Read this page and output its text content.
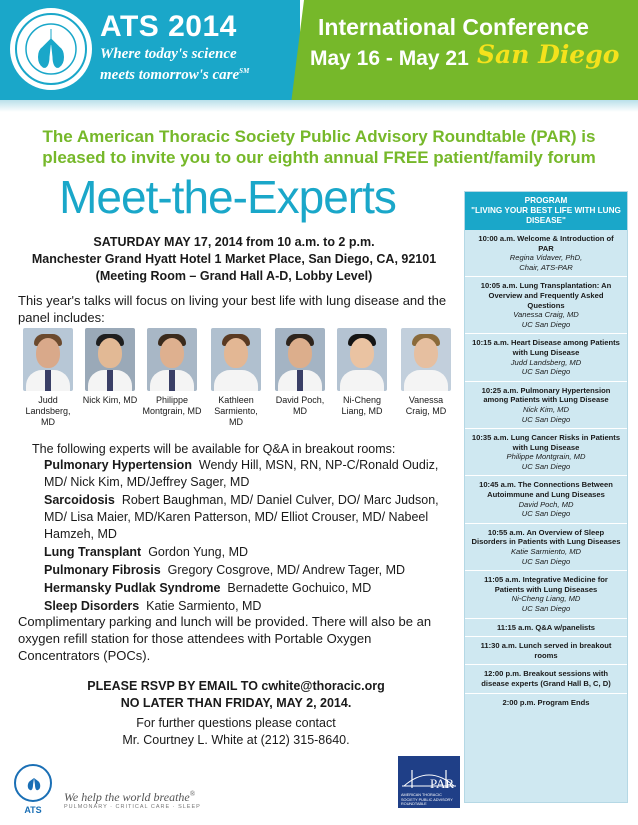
ATS 2014
Where today's science
meets tomorrow's care℠
International Conference
May 16 - May 21 San Diego
The American Thoracic Society Public Advisory Roundtable (PAR) is
pleased to invite you to our eighth annual FREE patient/family forum
Meet-the-Experts
SATURDAY MAY 17, 2014 from 10 a.m. to 2 p.m.
Manchester Grand Hyatt Hotel 1 Market Place, San Diego, CA, 92101
(Meeting Room – Grand Hall A-D, Lobby Level)
This year's talks will focus on living your best life with lung disease and the panel includes:
Judd Landsberg, MD
Nick Kim, MD	Philippe Montgrain, MD
Kathleen Sarmiento, MD
David Poch, MD
Ni-Cheng Liang, MD
Vanessa Craig, MD
The following experts will be available for Q&A in breakout rooms:
Pulmonary Hypertension Wendy Hill, MSN, RN, NP-C/Ronald Oudiz, MD/ Nick Kim, MD/Jeffrey Sager, MD
Sarcoidosis Robert Baughman, MD/ Daniel Culver, DO/ Marc Judson, MD/ Lisa Maier, MD/Karen Patterson, MD/ Elliot Crouser, MD/ Nabeel Hamzeh, MD
Lung Transplant Gordon Yung, MD
Pulmonary Fibrosis Gregory Cosgrove, MD/ Andrew Tager, MD
Hermansky Pudlak Syndrome Bernadette Gochuico, MD
Sleep Disorders Katie Sarmiento, MD
Complimentary parking and lunch will be provided. There will also be an oxygen refill station for those attendees with Portable Oxygen Concentrators (POCs).
PLEASE RSVP BY EMAIL TO cwhite@thoracic.org
NO LATER THAN FRIDAY, MAY 2, 2014.
For further questions please contact
Mr. Courtney L. White at (212) 315-8640.
ATS
We help the world breathe®
PULMONARY · CRITICAL CARE · SLEEP
PAR
AMERICAN THORACIC SOCIETY PUBLIC ADVISORY ROUNDTABLE
PROGRAM
"LIVING YOUR BEST LIFE WITH LUNG DISEASE"
10:00 a.m. Welcome & Introduction of PAR
Regina Vidaver, PhD,
Chair, ATS-PAR
10:05 a.m. Lung Transplantation: An Overview and Frequently Asked Questions
Vanessa Craig, MD
UC San Diego
10:15 a.m. Heart Disease among Patients with Lung Disease
Judd Landsberg, MD
UC San Diego
10:25 a.m. Pulmonary Hypertension among Patients with Lung Disease
Nick Kim, MD
UC San Diego
10:35 a.m. Lung Cancer Risks in Patients with Lung Disease
Philippe Montgrain, MD
UC San Diego
10:45 a.m. The Connections Between Autoimmune and Lung Diseases
David Poch, MD
UC San Diego
10:55 a.m. An Overview of Sleep Disorders in Patients with Lung Diseases
Katie Sarmiento, MD
UC San Diego
11:05 a.m. Integrative Medicine for Patients with Lung Diseases
Ni-Cheng Liang, MD
UC San Diego
11:15 a.m. Q&A w/panelists
11:30 a.m. Lunch served in breakout rooms
12:00 p.m. Breakout sessions with disease experts (Grand Hall B, C, D)
2:00 p.m. Program Ends
